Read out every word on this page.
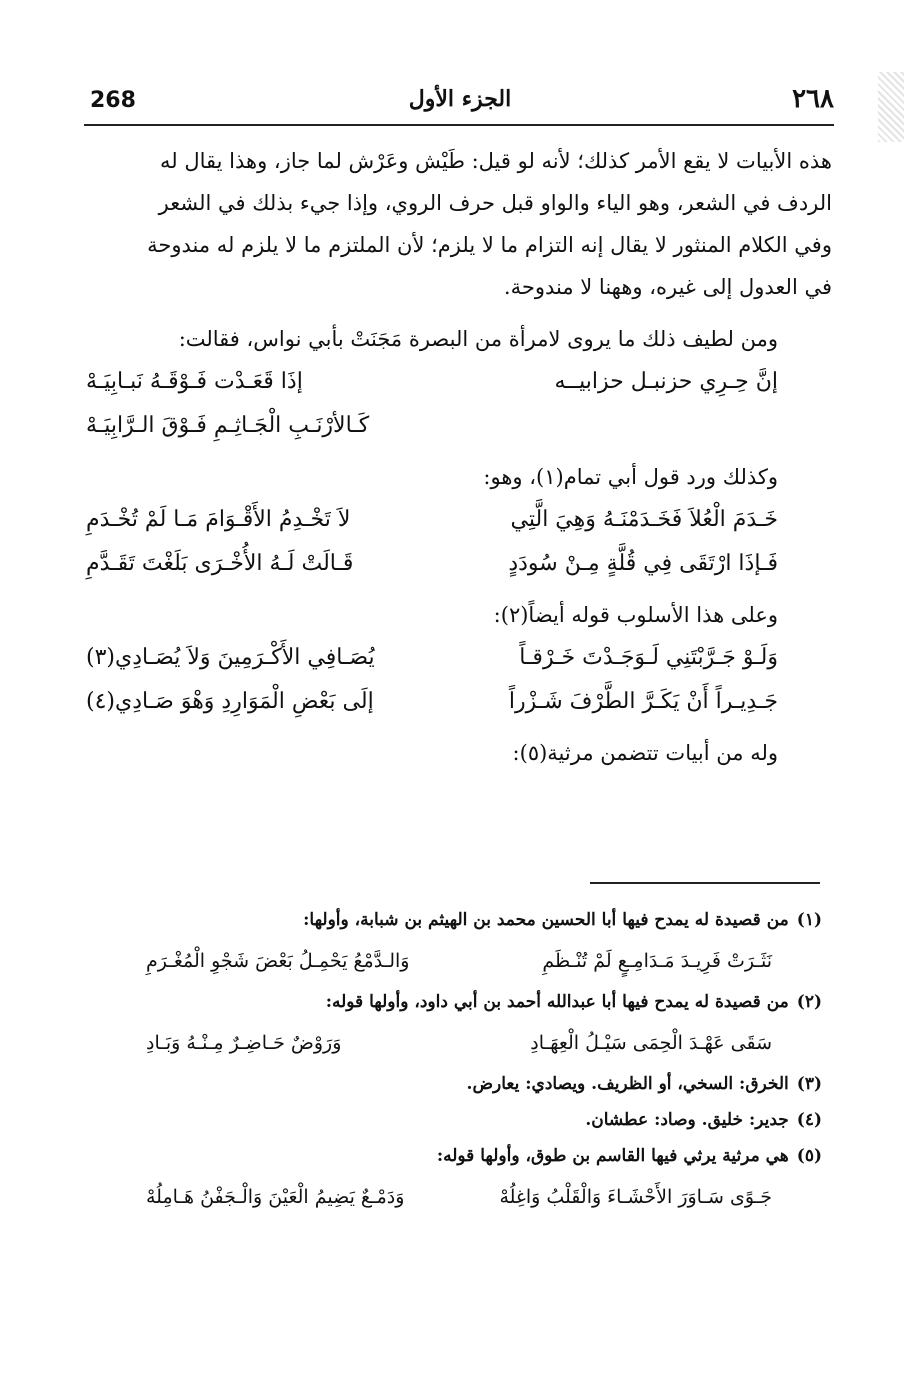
268	الجزء الأول	٢٦٨

هذه الأبيات لا يقع الأمر كذلك؛ لأنه لو قيل: طَيْش وعَرْش لما جاز، وهذا يقال له

الردف في الشعر، وهو الياء والواو قبل حرف الروي، وإذا جيء بذلك في الشعر

وفي الكلام المنثور لا يقال إنه التزام ما لا يلزم؛ لأن الملتزم ما لا يلزم له مندوحة

في العدول إلى غيره، وههنا لا مندوحة.

ومن لطيف ذلك ما يروى لامرأة من البصرة مَجَنَتْ بأبي نواس، فقالت:

إنَّ حِـرِي حزنبـل حزابيــه
إذَا قَعَـدْت فَـوْقَـهُ نَبـابِيَـهْ
كَـالأرْنَـبِ الْجَـاثِـمِ فَـوْقَ الـرَّابِيَـهْ

وكذلك ورد قول أبي تمام(١)، وهو:

خَـدَمَ الْعُلاَ فَخَـدَمْنَـهُ وَهِيَ الَّتِي
لاَ تَخْـدِمُ الأَقْـوَامَ مَـا لَمْ تُخْـدَمِ
فَـإذَا ارْتَقَى فِي قُلَّةٍ مِـنْ سُودَدٍ
قَـالَتْ لَـهُ الأُخْـرَى بَلَغْتَ تَقَـدَّمِ

وعلى هذا الأسلوب قوله أيضاً(٢):

وَلَـوْ جَـرَّبْتَنِي لَـوَجَـدْتَ خَـرْقـاً
يُصَـافِي الأَكْـرَمِينَ وَلاَ يُصَـادِي(٣)
جَـدِيـراً أَنْ يَكَـرَّ الطَّرْفَ شَـزْراً
إلَى بَعْضِ الْمَوَارِدِ وَهْوَ صَـادِي(٤)

وله من أبيات تتضمن مرثية(٥):

(١)من قصيدة له يمدح فيها أبا الحسين محمد بن الهيثم بن شبابة، وأولها:

نَثَـرَتْ فَرِيـدَ مَـدَامِـعٍ لَمْ تُنْـظَمِ
وَالـدَّمْعُ يَحْمِـلُ بَعْضَ شَجْوِ الْمُغْـرَمِ

(٢)من قصيدة له يمدح فيها أبا عبدالله أحمد بن أبي داود، وأولها قوله:

سَقَى عَهْـدَ الْحِمَى سَيْـلُ الْعِهَـادِ
وَرَوْضٌ حَـاضِـرٌ مِـنْـهُ وَبَـادِ

(٣)الخرق: السخي، أو الظريف. ويصادي: يعارض.

(٤)جدير: خليق. وصاد: عطشان.

(٥)هي مرثية يرثي فيها القاسم بن طوق، وأولها قوله:

جَـوًى سَـاوَرَ الأَحْشَـاءَ وَالْقَلْبُ وَاغِلُهْ
وَدَمْـعٌ يَضِيمُ الْعَيْنَ وَالْـجَفْنُ هَـامِلُهْ
